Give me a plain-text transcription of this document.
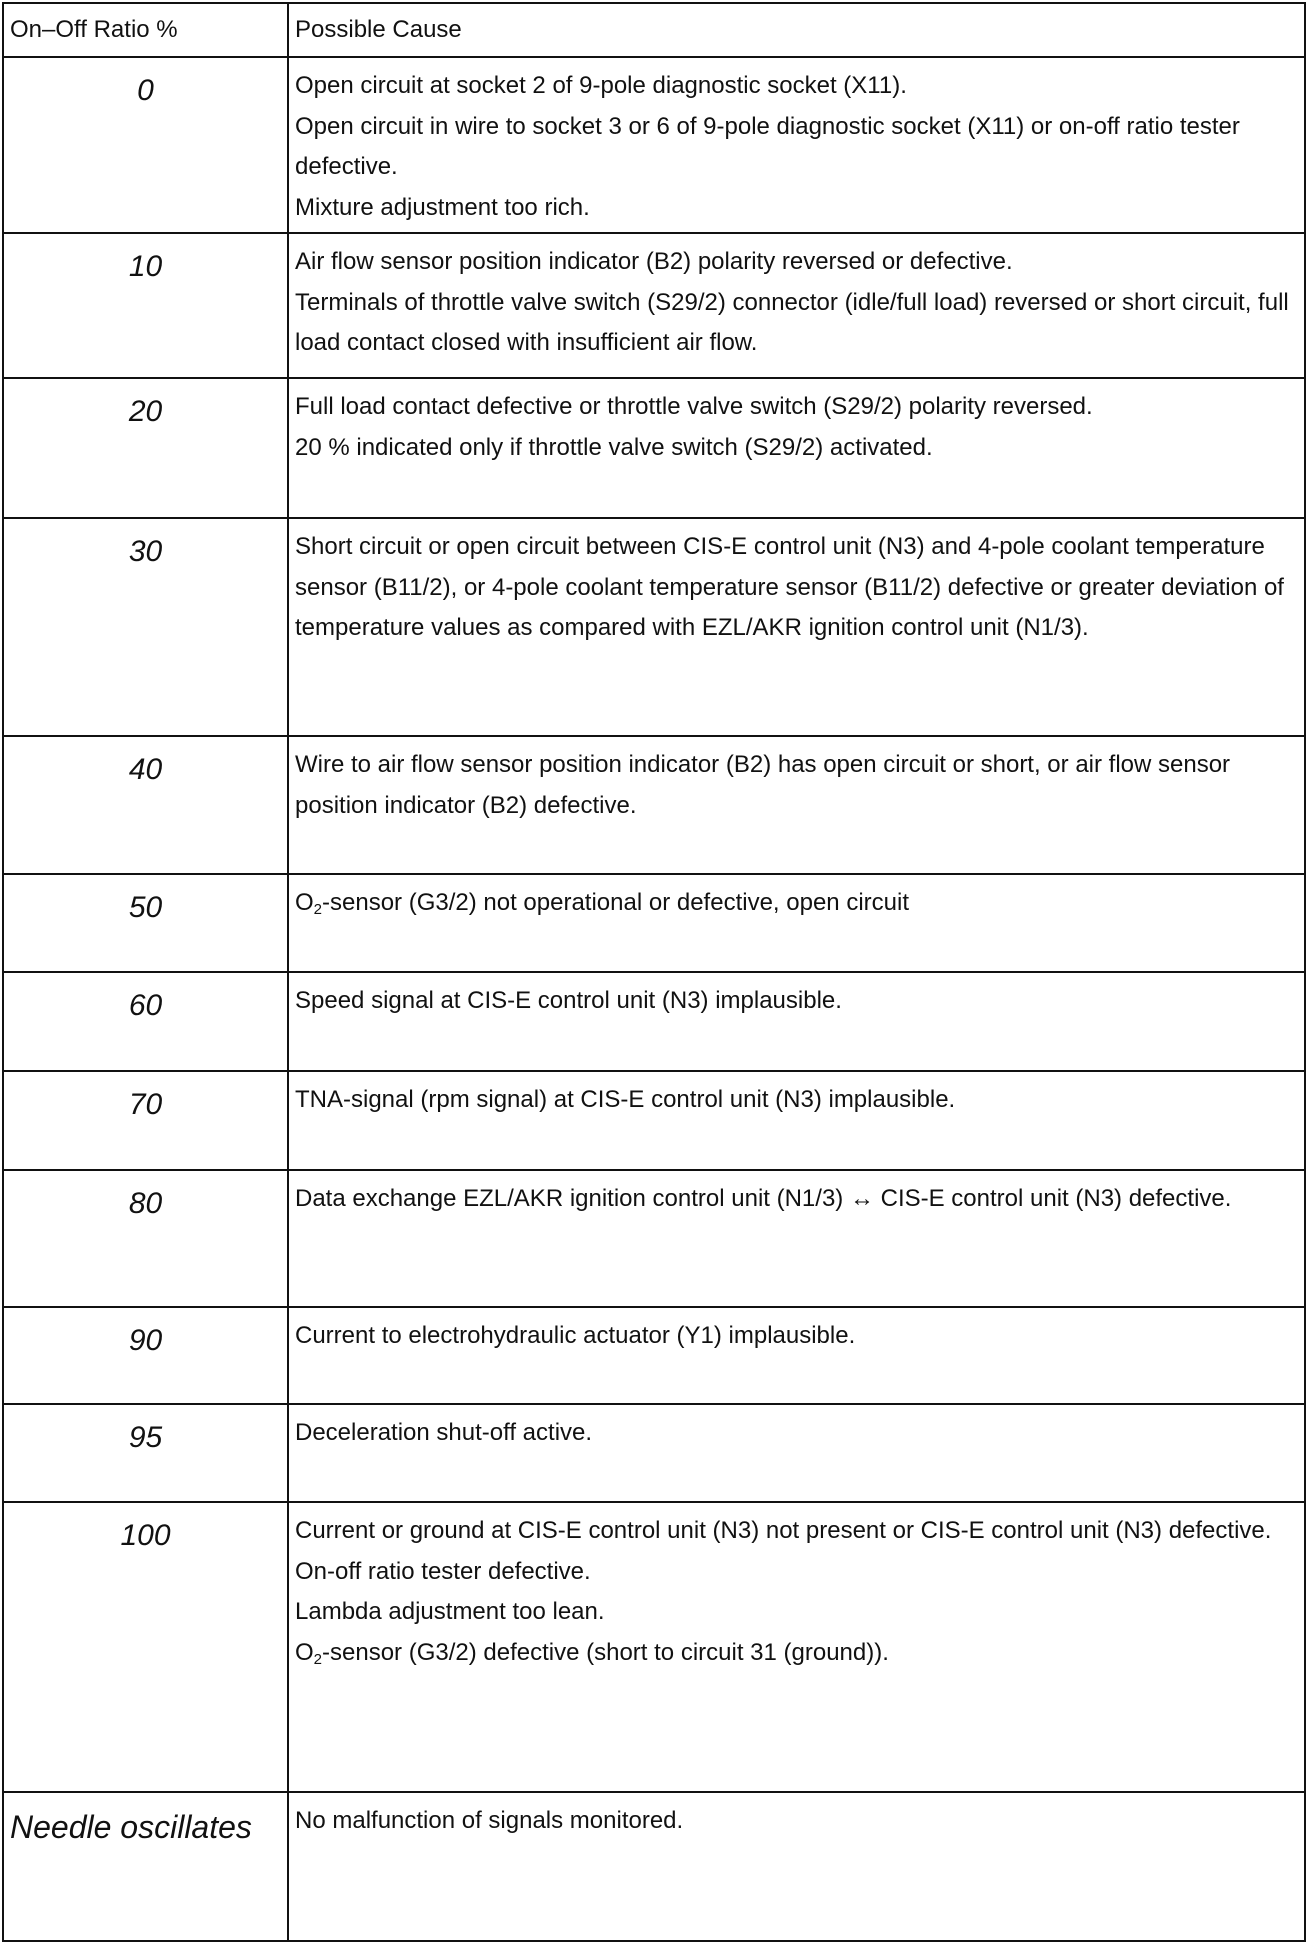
On–Off Ratio %	Possible Cause
0	Open circuit at socket 2 of 9-pole diagnostic socket (X11).
Open circuit in wire to socket 3 or 6 of 9-pole diagnostic socket (X11) or on-off ratio tester defective.
Mixture adjustment too rich.

10	Air flow sensor position indicator (B2) polarity reversed or defective.
Terminals of throttle valve switch (S29/2) connector (idle/full load) reversed or short circuit, full load contact closed with insufficient air flow.

20	Full load contact defective or throttle valve switch (S29/2) polarity reversed.
20 % indicated only if throttle valve switch (S29/2) activated.

30	Short circuit or open circuit between CIS-E control unit (N3) and 4-pole coolant temperature sensor (B11/2), or 4-pole coolant temperature sensor (B11/2) defective or greater deviation of temperature values as compared with EZL/AKR ignition control unit (N1/3).

40	Wire to air flow sensor position indicator (B2) has open circuit or short, or air flow sensor position indicator (B2) defective.

50	$O_2$-sensor (G3/2) not operational or defective, open circuit

60	Speed signal at CIS-E control unit (N3) implausible.

70	TNA-signal (rpm signal) at CIS-E control unit (N3) implausible.

80	Data exchange EZL/AKR ignition control unit (N1/3) ↔ CIS-E control unit (N3) defective.

90	Current to electrohydraulic actuator (Y1) implausible.

95	Deceleration shut-off active.

100	Current or ground at CIS-E control unit (N3) not present or CIS-E control unit (N3) defective.
On-off ratio tester defective.
Lambda adjustment too lean.
$O_2$-sensor (G3/2) defective (short to circuit 31 (ground)).

Needle oscillates	No malfunction of signals monitored.
